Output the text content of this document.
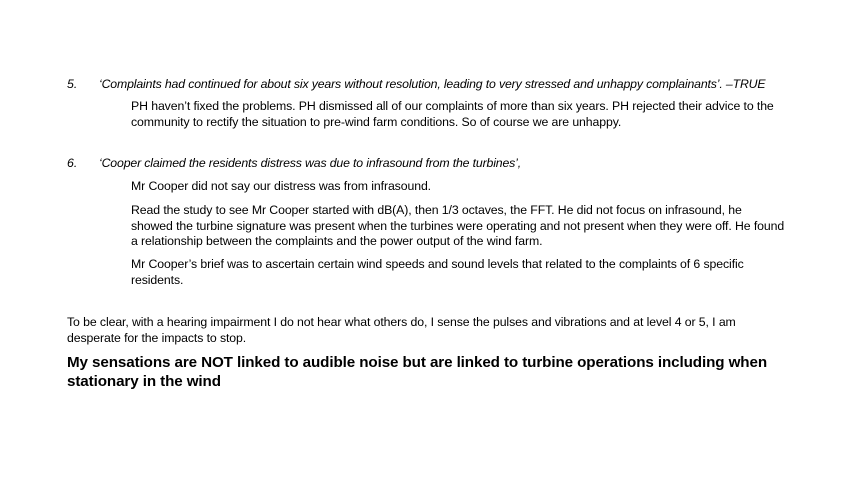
5. ‘Complaints had continued for about six years without resolution, leading to very stressed and unhappy complainants’. –TRUE
PH haven’t fixed the problems. PH dismissed all of our complaints of more than six years. PH rejected their advice to the community to rectify the situation to pre-wind farm conditions. So of course we are unhappy.
6. ‘Cooper claimed the residents distress was due to infrasound from the turbines’,
Mr Cooper did not say our distress was from infrasound.
Read the study to see Mr Cooper started with dB(A), then 1/3 octaves, the FFT. He did not focus on infrasound, he showed the turbine signature was present when the turbines were operating and not present when they were off. He found a relationship between the complaints and the power output of the wind farm.
Mr Cooper’s brief was to ascertain certain wind speeds and sound levels that related to the complaints of 6 specific residents.
To be clear, with a hearing impairment I do not hear what others do, I sense the pulses and vibrations and at level 4 or 5, I am desperate for the impacts to stop.
My sensations are NOT linked to audible noise but are linked to turbine operations including when stationary in the wind
